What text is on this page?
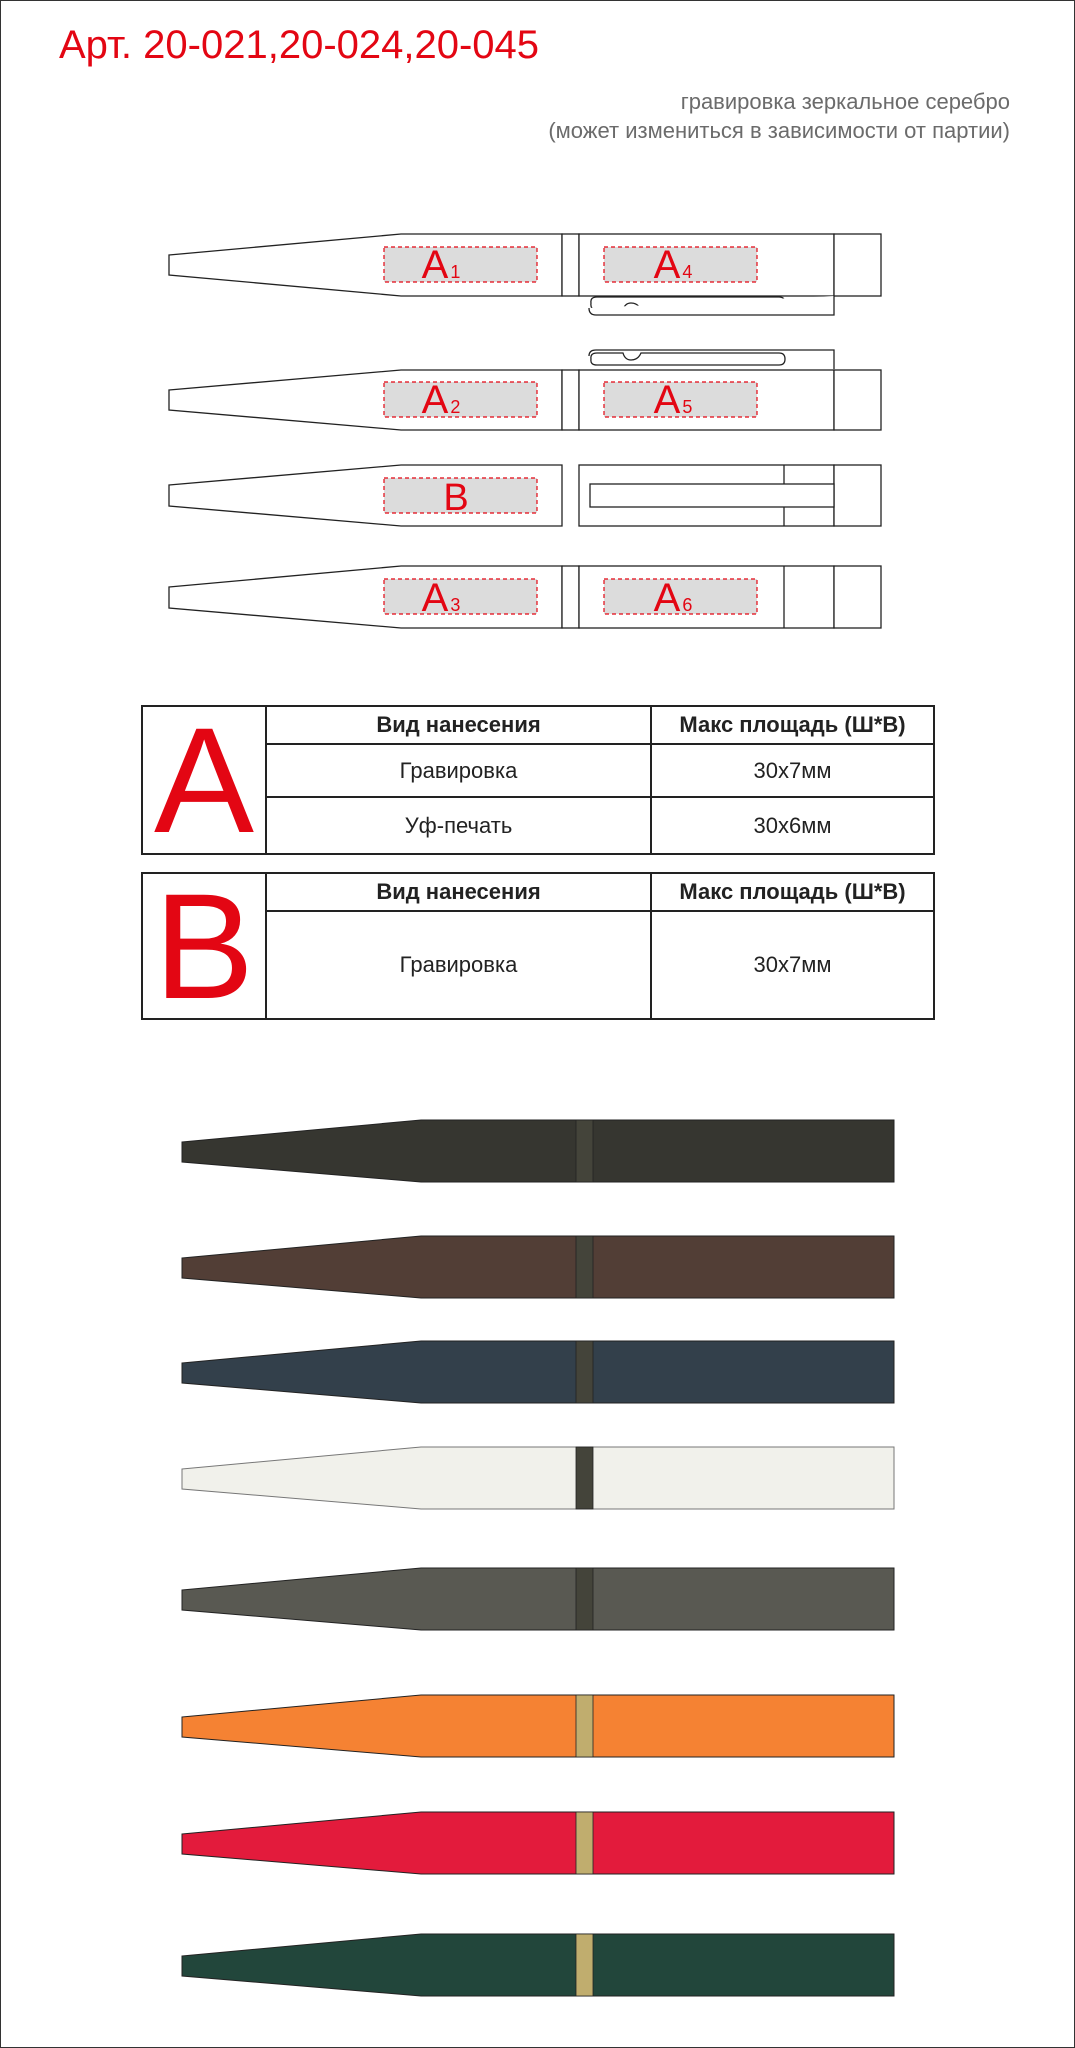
Арт. 20-021,20-024,20-045
гравировка зеркальное серебро
(может измениться в зависимости от партии)
A 1	A 4
A 2	A 5
B
A 3	A 6
A	Вид нанесения	Макс площадь (Ш*В)
Гравировка	30x7мм
Уф-печать	30x6мм
B	Вид нанесения	Макс площадь (Ш*В)
Гравировка	30x7мм
